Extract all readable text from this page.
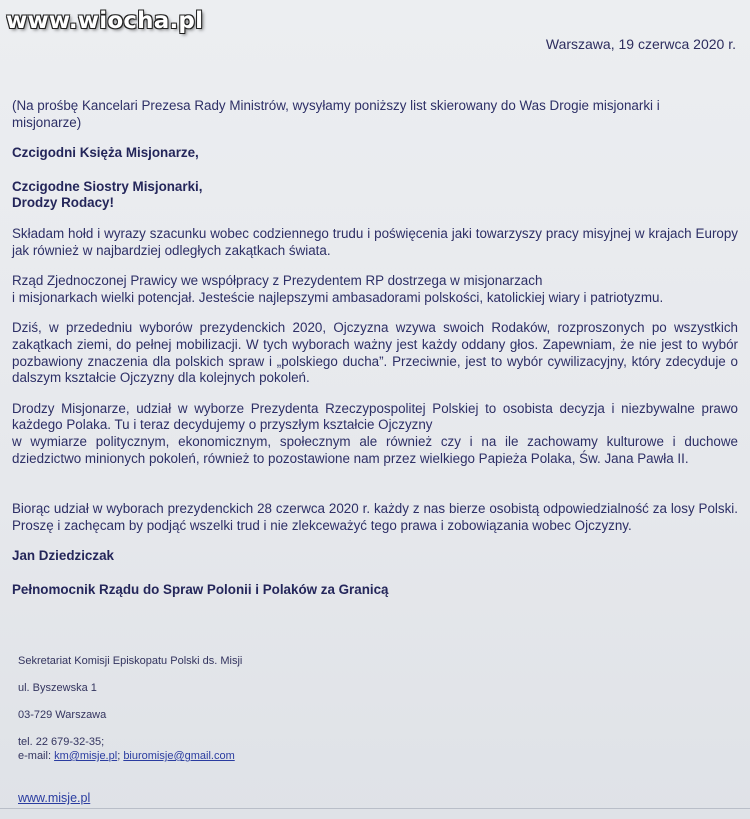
www.wiocha.pl
Warszawa, 19 czerwca 2020 r.

(Na prośbę Kancelari Prezesa Rady Ministrów, wysyłamy poniższy list skierowany do Was Drogie misjonarki i

misjonarze)

Czcigodni Księża Misjonarze,

Czcigodne Siostry Misjonarki,

Drodzy Rodacy!

Składam hołd i wyrazy szacunku wobec codziennego trudu i poświęcenia jaki towarzyszy pracy misyjnej w krajach Europy jak również w najbardziej odległych zakątkach świata.

Rząd Zjednoczonej Prawicy we współpracy z Prezydentem RP dostrzega w misjonarzach

i misjonarkach wielki potencjał. Jesteście najlepszymi ambasadorami polskości, katolickiej wiary i patriotyzmu.

Dziś, w przededniu wyborów prezydenckich 2020, Ojczyzna wzywa swoich Rodaków, rozproszonych po wszystkich zakątkach ziemi, do pełnej mobilizacji. W tych wyborach ważny jest każdy oddany głos. Zapewniam, że nie jest to wybór pozbawiony znaczenia dla polskich spraw i „polskiego ducha”. Przeciwnie, jest to wybór cywilizacyjny, który zdecyduje o dalszym kształcie Ojczyzny dla kolejnych pokoleń.

Drodzy Misjonarze, udział w wyborze Prezydenta Rzeczypospolitej Polskiej to osobista decyzja i niezbywalne prawo każdego Polaka. Tu i teraz decydujemy o przyszłym kształcie Ojczyzny

w wymiarze politycznym, ekonomicznym, społecznym ale również czy i na ile zachowamy kulturowe i duchowe dziedzictwo minionych pokoleń, również to pozostawione nam przez wielkiego Papieża Polaka, Św. Jana Pawła II.

Biorąc udział w wyborach prezydenckich 28 czerwca 2020 r. każdy z nas bierze osobistą odpowiedzialność za losy Polski. Proszę i zachęcam by podjąć wszelki trud i nie zlekceważyć tego prawa i zobowiązania wobec Ojczyzny.

Jan Dziedziczak

Pełnomocnik Rządu do Spraw Polonii i Polaków za Granicą

Sekretariat Komisji Episkopatu Polski ds. Misji

ul. Byszewska 1

03-729 Warszawa

tel. 22 679-32-35;

e-mail: km@misje.pl; biuromisje@gmail.com

www.misje.pl
